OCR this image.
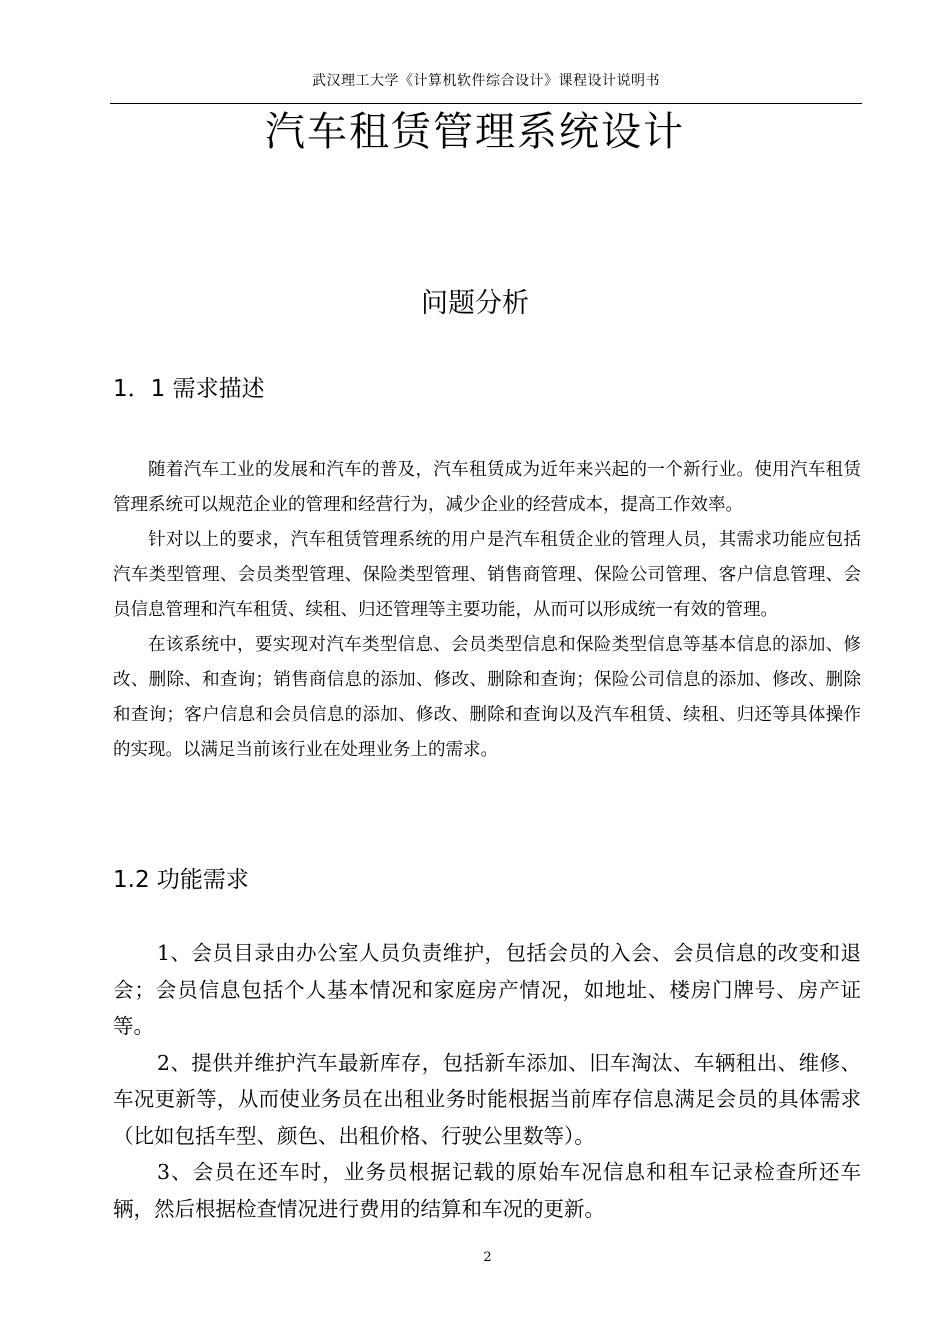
武汉理工大学《计算机软件综合设计》课程设计说明书
汽车租赁管理系统设计
问题分析
1．1 需求描述

随着汽车工业的发展和汽车的普及，汽车租赁成为近年来兴起的一个新行业。使用汽车租赁管理系统可以规范企业的管理和经营行为，减少企业的经营成本，提高工作效率。

针对以上的要求，汽车租赁管理系统的用户是汽车租赁企业的管理人员，其需求功能应包括汽车类型管理、会员类型管理、保险类型管理、销售商管理、保险公司管理、客户信息管理、会员信息管理和汽车租赁、续租、归还管理等主要功能，从而可以形成统一有效的管理。

在该系统中，要实现对汽车类型信息、会员类型信息和保险类型信息等基本信息的添加、修改、删除、和查询；销售商信息的添加、修改、删除和查询；保险公司信息的添加、修改、删除和查询；客户信息和会员信息的添加、修改、删除和查询以及汽车租赁、续租、归还等具体操作的实现。以满足当前该行业在处理业务上的需求。

1.2 功能需求

1、会员目录由办公室人员负责维护，包括会员的入会、会员信息的改变和退会；会员信息包括个人基本情况和家庭房产情况，如地址、楼房门牌号、房产证等。

2、提供并维护汽车最新库存，包括新车添加、旧车淘汰、车辆租出、维修、车况更新等，从而使业务员在出租业务时能根据当前库存信息满足会员的具体需求（比如包括车型、颜色、出租价格、行驶公里数等）。

3、会员在还车时，业务员根据记载的原始车况信息和租车记录检查所还车辆，然后根据检查情况进行费用的结算和车况的更新。

2
